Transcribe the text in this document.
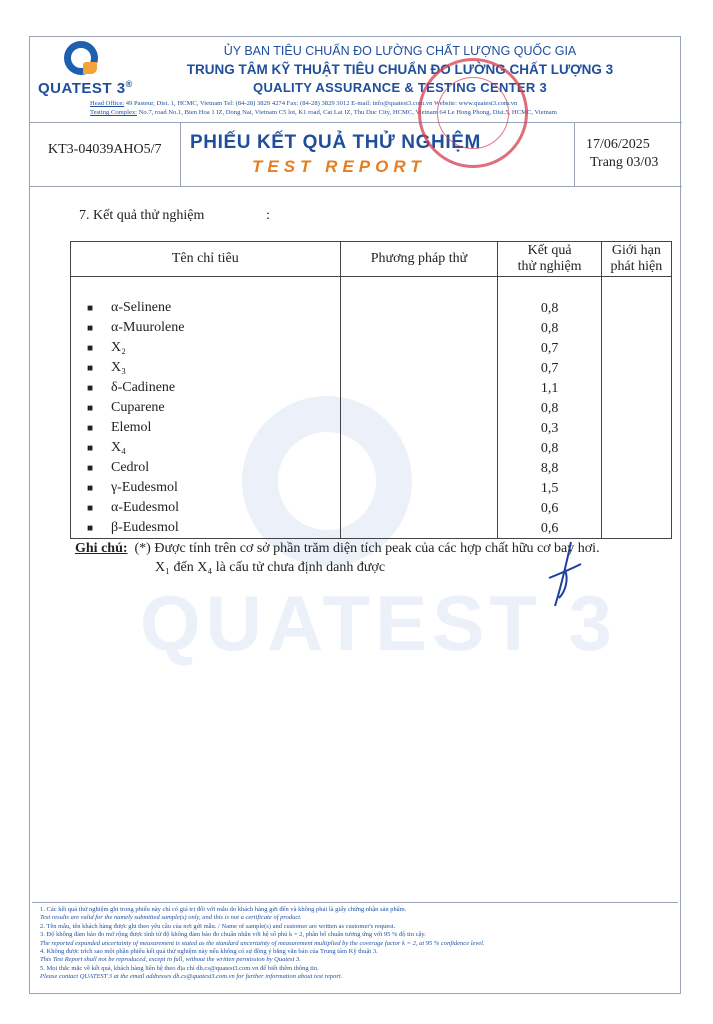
QUATEST 3®
ỦY BAN TIÊU CHUẨN ĐO LƯỜNG CHẤT LƯỢNG QUỐC GIA
TRUNG TÂM KỸ THUẬT TIÊU CHUẨN ĐO LƯỜNG CHẤT LƯỢNG 3
QUALITY ASSURANCE & TESTING CENTER 3
Head Office: 49 Pasteur, Dist. 1, HCMC, Vietnam Tel: (84-28) 3829 4274 Fax: (84-28) 3829 3012 E-mail: info@quatest3.com.vn Website: www.quatest3.com.vn
Testing Complex: No.7, road No.1, Bien Hoa 1 IZ, Dong Nai, Vietnam C5 lot, K1 road, Cat Lai IZ, Thu Duc City, HCMC, Vietnam 64 Le Hong Phong, Dist.5, HCMC, Vietnam
KT3-04039AHO5/7 PHIẾU KẾT QUẢ THỬ NGHIỆM
TEST REPORT
17/06/2025
Trang 03/03
QUATEST 3
7. Kết quả thử nghiệm	:
Tên chỉ tiêu	Phương pháp thử	Kết quả
thử nghiệm	Giới hạn
phát hiện

■ α-Selinene		0,8	
■ α-Muurolene		0,8	
■ X₂		0,7	
■ X₃		0,7	
■ δ-Cadinene		1,1	
■ Cuparene		0,8	
■ Elemol		0,3	
■ X₄		0,8	
■ Cedrol		8,8	
■ γ-Eudesmol		1,5	
■ α-Eudesmol		0,6	
■ β-Eudesmol		0,6	
Ghi chú: (*) Được tính trên cơ sở phần trăm diện tích peak của các hợp chất hữu cơ bay hơi.
X₁ đến X₄ là cấu tử chưa định danh được
1. Các kết quả thử nghiệm ghi trong phiếu này chỉ có giá trị đối với mẫu do khách hàng gửi đến và không phải là giấy chứng nhận sản phẩm.
Test results are valid for the namely submitted sample(s) only, and this is not a certificate of product.
2. Tên mẫu, tên khách hàng được ghi theo yêu cầu của nơi gửi mẫu. / Name of sample(s) and customer are written as customer's request.
3. Độ không đảm bảo đo mở rộng được tính từ độ không đảm bảo đo chuẩn nhân với hệ số phủ k = 2, phân bố chuẩn tương ứng với 95 % độ tin cậy.
The reported expanded uncertainty of measurement is stated as the standard uncertainty of measurement multiplied by the coverage factor k = 2, at 95 % confidence level.
4. Không được trích sao một phần phiếu kết quả thử nghiệm này nếu không có sự đồng ý bằng văn bản của Trung tâm Kỹ thuật 3.
This Test Report shall not be reproduced, except in full, without the written permission by Quatest 3.
5. Mọi thắc mắc về kết quả, khách hàng liên hệ theo địa chỉ dh.cs@quatest3.com.vn để biết thêm thông tin.
Please contact QUATEST 3 at the email addresses dh.cs@quatest3.com.vn for further information about test report.
